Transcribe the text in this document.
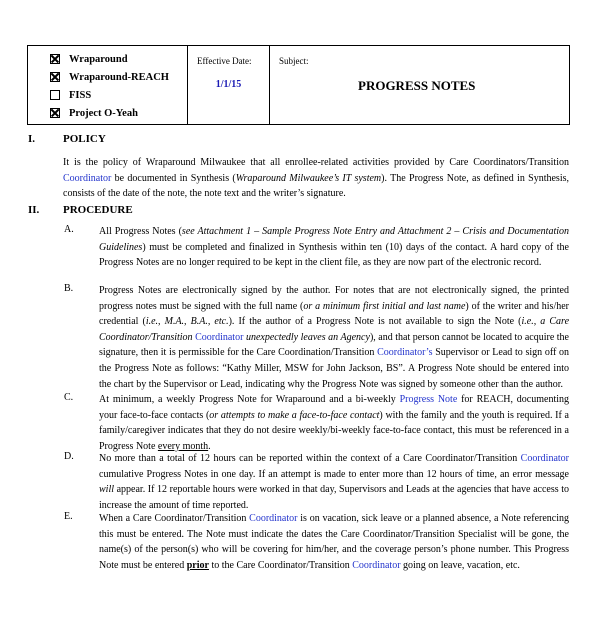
Wraparound
Wraparound-REACH
FISS
Project O-Yeah
Effective Date:
1/1/15
Subject:
PROGRESS NOTES
I.	POLICY
It is the policy of Wraparound Milwaukee that all enrollee-related activities provided by Care Coordinators/Transition Coordinator be documented in Synthesis (Wraparound Milwaukee’s IT system). The Progress Note, as defined in Synthesis, consists of the date of the note, the note text and the writer’s signature.
II. PROCEDURE
A.	All Progress Notes (see Attachment 1 – Sample Progress Note Entry and Attachment 2 – Crisis and Documentation Guidelines) must be completed and finalized in Synthesis within ten (10) days of the contact. A hard copy of the Progress Notes are no longer required to be kept in the client file, as they are now part of the electronic record.
B.	Progress Notes are electronically signed by the author. For notes that are not electronically signed, the printed progress notes must be signed with the full name (or a minimum first initial and last name) of the writer and his/her credential (i.e., M.A., B.A., etc.). If the author of a Progress Note is not available to sign the Note (i.e., a Care Coordinator/Transition Coordinator unexpectedly leaves an Agency), and that person cannot be located to acquire the signature, then it is permissible for the Care Coordination/Transition Coordinator’s Supervisor or Lead to sign off on the Progress Note as follows: “Kathy Miller, MSW for John Jackson, BS”. A Progress Note should be entered into the chart by the Supervisor or Lead, indicating why the Progress Note was signed by someone other than the author.
C.	At minimum, a weekly Progress Note for Wraparound and a bi-weekly Progress Note for REACH, documenting your face-to-face contacts (or attempts to make a face-to-face contact) with the family and the youth is required. If a family/caregiver indicates that they do not desire weekly/bi-weekly face-to-face contact, this must be referenced in a Progress Note every month.
D.	No more than a total of 12 hours can be reported within the context of a Care Coordinator/Transition Coordinator cumulative Progress Notes in one day. If an attempt is made to enter more than 12 hours of time, an error message will appear. If 12 reportable hours were worked in that day, Supervisors and Leads at the agencies that have access to increase the amount of time reported.
E.	When a Care Coordinator/Transition Coordinator is on vacation, sick leave or a planned absence, a Note referencing this must be entered. The Note must indicate the dates the Care Coordinator/Transition Specialist will be gone, the name(s) of the person(s) who will be covering for him/her, and the coverage person’s phone number. This Progress Note must be entered prior to the Care Coordinator/Transition Coordinator going on leave, vacation, etc.
